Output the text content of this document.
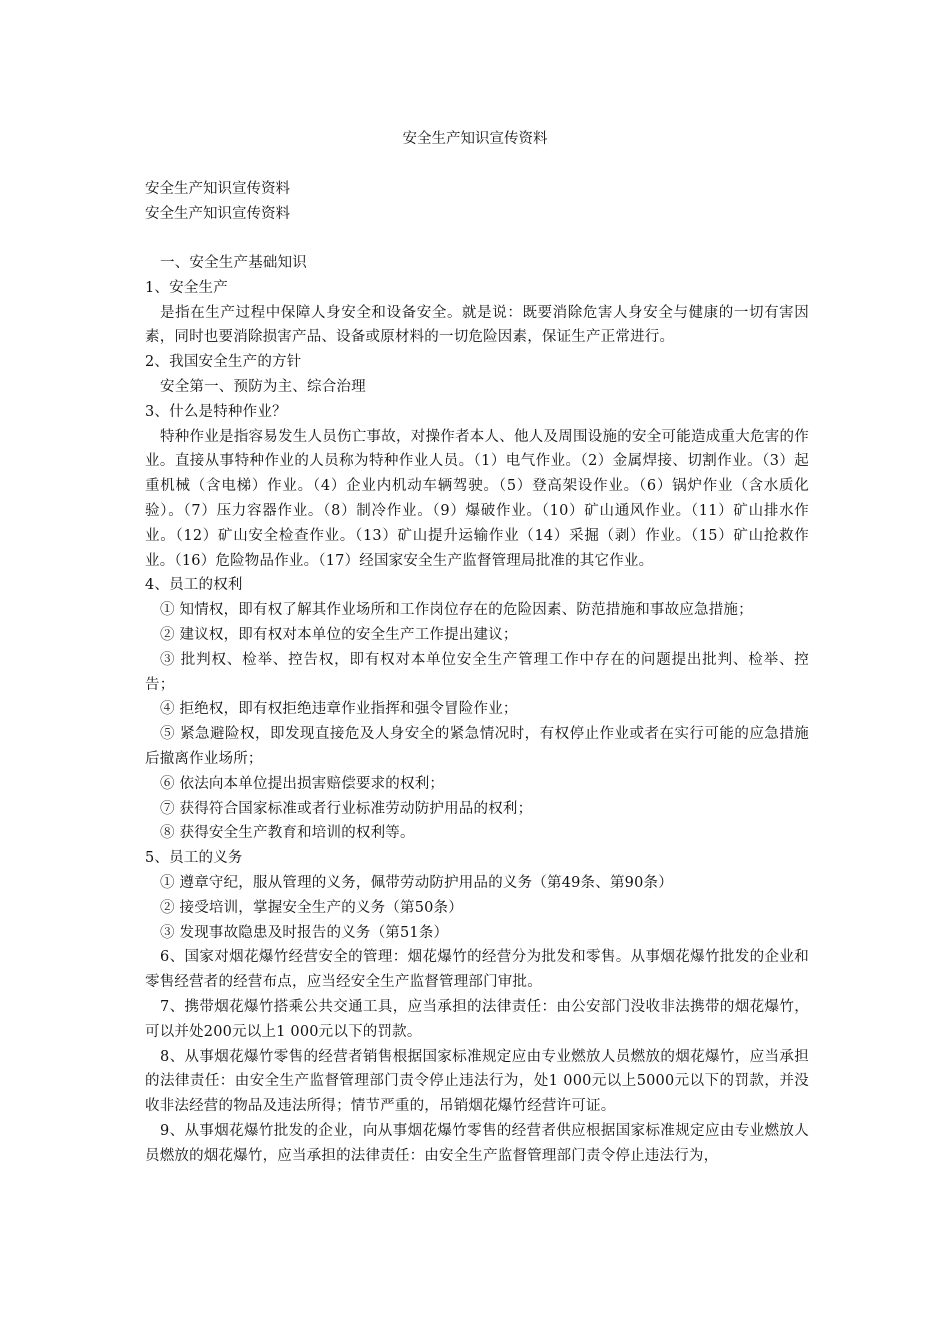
安全生产知识宣传资料
安全生产知识宣传资料
安全生产知识宣传资料

一、安全生产基础知识

1、安全生产

是指在生产过程中保障人身安全和设备安全。就是说：既要消除危害人身安全与健康的一切有害因素，同时也要消除损害产品、设备或原材料的一切危险因素，保证生产正常进行。

2、我国安全生产的方针

安全第一、预防为主、综合治理

3、什么是特种作业？

特种作业是指容易发生人员伤亡事故，对操作者本人、他人及周围设施的安全可能造成重大危害的作业。直接从事特种作业的人员称为特种作业人员。（1）电气作业。（2）金属焊接、切割作业。（3）起重机械（含电梯）作业。（4）企业内机动车辆驾驶。（5）登高架设作业。（6）锅炉作业（含水质化验）。（7）压力容器作业。（8）制冷作业。（9）爆破作业。（10）矿山通风作业。（11）矿山排水作业。（12）矿山安全检查作业。（13）矿山提升运输作业（14）采掘（剥）作业。（15）矿山抢救作业。（16）危险物品作业。（17）经国家安全生产监督管理局批准的其它作业。

4、员工的权利

① 知情权，即有权了解其作业场所和工作岗位存在的危险因素、防范措施和事故应急措施；

② 建议权，即有权对本单位的安全生产工作提出建议；

③ 批判权、检举、控告权，即有权对本单位安全生产管理工作中存在的问题提出批判、检举、控告；

④ 拒绝权，即有权拒绝违章作业指挥和强令冒险作业；

⑤ 紧急避险权，即发现直接危及人身安全的紧急情况时，有权停止作业或者在实行可能的应急措施后撤离作业场所；

⑥ 依法向本单位提出损害赔偿要求的权利；

⑦ 获得符合国家标准或者行业标准劳动防护用品的权利；

⑧ 获得安全生产教育和培训的权利等。

5、员工的义务

① 遵章守纪，服从管理的义务，佩带劳动防护用品的义务（第49条、第90条）

② 接受培训，掌握安全生产的义务（第50条）

③ 发现事故隐患及时报告的义务（第51条）

6、国家对烟花爆竹经营安全的管理：烟花爆竹的经营分为批发和零售。从事烟花爆竹批发的企业和零售经营者的经营布点，应当经安全生产监督管理部门审批。

7、携带烟花爆竹搭乘公共交通工具，应当承担的法律责任：由公安部门没收非法携带的烟花爆竹，可以并处200元以上1 000元以下的罚款。

8、从事烟花爆竹零售的经营者销售根据国家标准规定应由专业燃放人员燃放的烟花爆竹，应当承担的法律责任：由安全生产监督管理部门责令停止违法行为，处1 000元以上5000元以下的罚款，并没收非法经营的物品及违法所得；情节严重的，吊销烟花爆竹经营许可证。

9、从事烟花爆竹批发的企业，向从事烟花爆竹零售的经营者供应根据国家标准规定应由专业燃放人员燃放的烟花爆竹，应当承担的法律责任：由安全生产监督管理部门责令停止违法行为，
